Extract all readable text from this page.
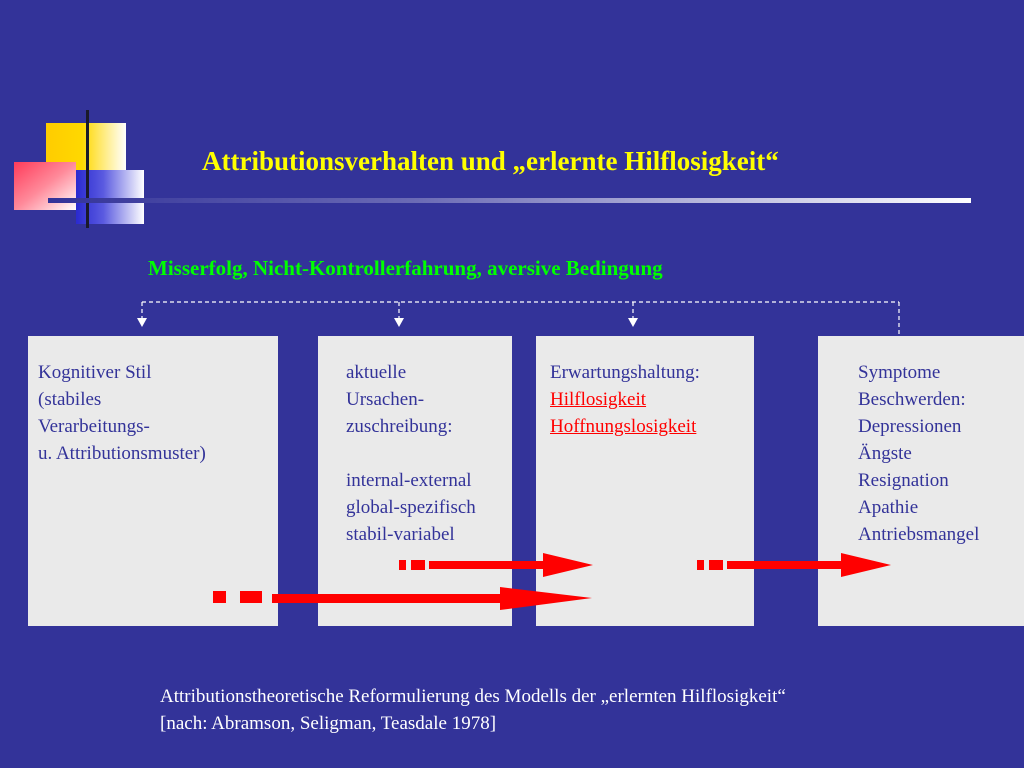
Attributionsverhalten und „erlernte Hilflosigkeit“
Misserfolg, Nicht-Kontrollerfahrung, aversive Bedingung
Kognitiver Stil
(stabiles
Verarbeitungs-
u. Attributionsmuster)
aktuelle
Ursachen-
zuschreibung:
internal-external
global-spezifisch
stabil-variabel
Erwartungshaltung:
Hilflosigkeit
Hoffnungslosigkeit
Symptome
Beschwerden:
Depressionen
Ängste
Resignation
Apathie
Antriebsmangel
Attributionstheoretische Reformulierung des Modells der „erlernten Hilflosigkeit“
[nach: Abramson, Seligman, Teasdale 1978]
